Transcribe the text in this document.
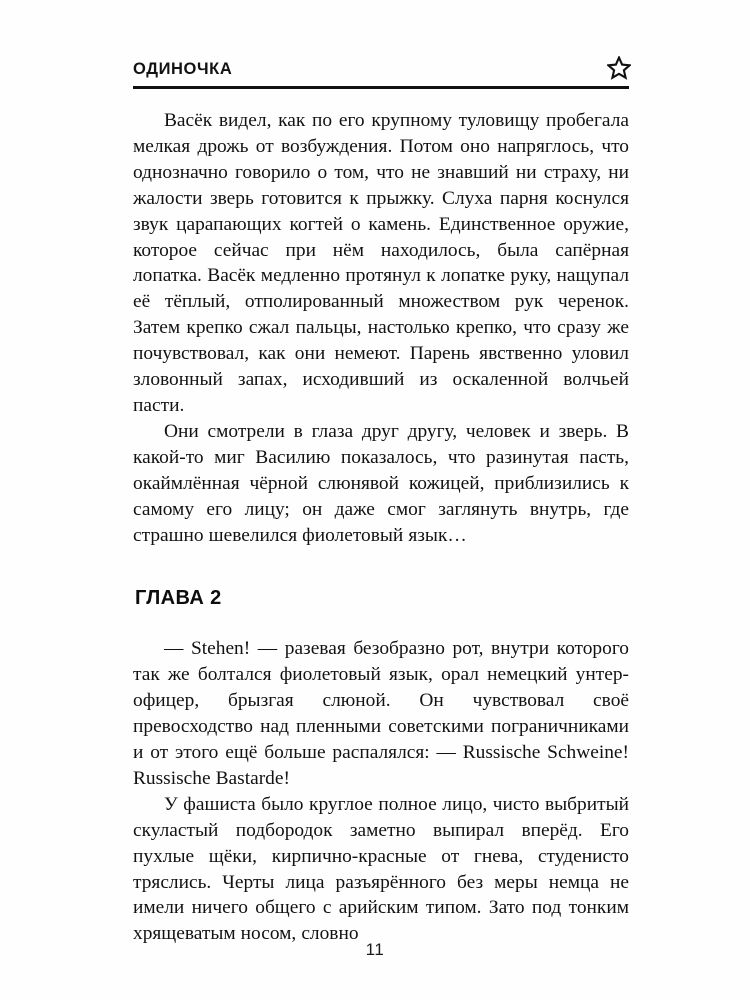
ОДИНОЧКА

Васёк видел, как по его крупному туловищу пробегала мелкая дрожь от возбуждения. Потом оно напряглось, что однозначно говорило о том, что не знавший ни страху, ни жалости зверь готовится к прыжку. Слуха парня коснулся звук царапающих когтей о камень. Единственное оружие, которое сейчас при нём находилось, была сапёрная лопатка. Васёк медленно протянул к лопатке руку, нащупал её тёплый, отполированный множеством рук черенок. Затем крепко сжал пальцы, настолько крепко, что сразу же почувствовал, как они немеют. Парень явственно уловил зловонный запах, исходивший из оскаленной волчьей пасти.

Они смотрели в глаза друг другу, человек и зверь. В какой-то миг Василию показалось, что разинутая пасть, окаймлённая чёрной слюнявой кожицей, приблизились к самому его лицу; он даже смог заглянуть внутрь, где страшно шевелился фиолетовый язык…

ГЛАВА 2

— Stehen! — разевая безобразно рот, внутри которого так же болтался фиолетовый язык, орал немецкий унтер-офицер, брызгая слюной. Он чувствовал своё превосходство над пленными советскими пограничниками и от этого ещё больше распалялся: — Russische Schweine! Russische Bastarde!

У фашиста было круглое полное лицо, чисто выбритый скуластый подбородок заметно выпирал вперёд. Его пухлые щёки, кирпично-красные от гнева, студенисто тряслись. Черты лица разъярённого без меры немца не имели ничего общего с арийским типом. Зато под тонким хрящеватым носом, словно

11
